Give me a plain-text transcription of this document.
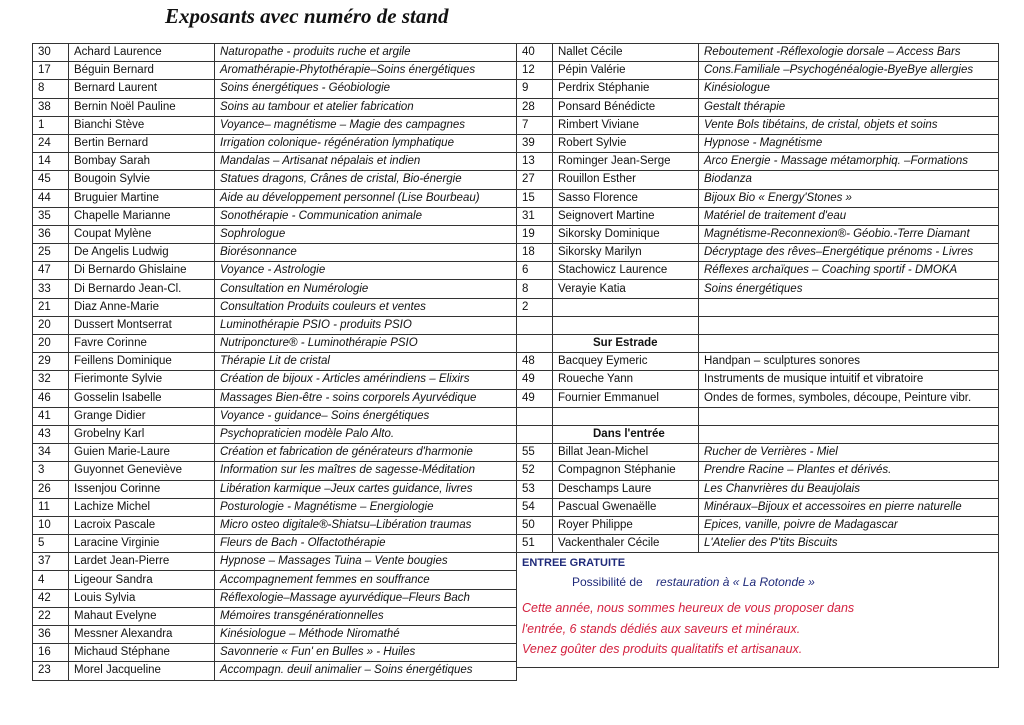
Exposants avec numéro de stand
30	Achard Laurence	Naturopathe - produits ruche et argile
17	Béguin Bernard	Aromathérapie-Phytothérapie–Soins énergétiques
8	Bernard Laurent	Soins énergétiques - Géobiologie
38	Bernin Noël Pauline	Soins au tambour et atelier fabrication
1	Bianchi Stève	Voyance– magnétisme – Magie des campagnes
24	Bertin Bernard	Irrigation colonique- régénération lymphatique
14	Bombay Sarah	Mandalas – Artisanat népalais et indien
45	Bougoin Sylvie	Statues dragons, Crânes de cristal, Bio-énergie
44	Bruguier Martine	Aide au développement personnel (Lise Bourbeau)
35	Chapelle Marianne	Sonothérapie - Communication animale
36	Coupat Mylène	Sophrologue
25	De Angelis Ludwig	Biorésonnance
47	Di Bernardo Ghislaine	Voyance - Astrologie
33	Di Bernardo Jean-Cl.	Consultation en Numérologie
21	Diaz Anne-Marie	Consultation Produits couleurs et ventes
20	Dussert Montserrat	Luminothérapie PSIO - produits PSIO
20	Favre Corinne	Nutriponcture® - Luminothérapie PSIO
29	Feillens Dominique	Thérapie Lit de cristal
32	Fierimonte Sylvie	Création de bijoux - Articles amérindiens – Elixirs
46	Gosselin Isabelle	Massages Bien-être - soins corporels Ayurvédique
41	Grange Didier	Voyance - guidance– Soins énergétiques
43	Grobelny Karl	Psychopraticien modèle Palo Alto.
34	Guien Marie-Laure	Création et fabrication de générateurs d'harmonie
3	Guyonnet Geneviève	Information sur les maîtres de sagesse-Méditation
26	Issenjou Corinne	Libération karmique –Jeux cartes guidance, livres
11	Lachize Michel	Posturologie - Magnétisme – Energiologie
10	Lacroix Pascale	Micro osteo digitale®-Shiatsu–Libération traumas
5	Laracine Virginie	Fleurs de Bach - Olfactothérapie
37	Lardet Jean-Pierre	Hypnose – Massages Tuina – Vente bougies
4	Ligeour Sandra	Accompagnement femmes en souffrance
42	Louis Sylvia	Réflexologie–Massage ayurvédique–Fleurs Bach
22	Mahaut Evelyne	Mémoires transgénérationnelles
36	Messner Alexandra	Kinésiologue – Méthode Niromathé
16	Michaud Stéphane	Savonnerie « Fun' en Bulles » - Huiles
23	Morel Jacqueline	Accompagn. deuil animalier – Soins énergétiques
40	Nallet Cécile	Reboutement -Réflexologie dorsale – Access Bars
12	Pépin Valérie	Cons.Familiale –Psychogénéalogie-ByeBye allergies
9	Perdrix Stéphanie	Kinésiologue
28	Ponsard Bénédicte	Gestalt thérapie
7	Rimbert Viviane	Vente Bols tibétains, de cristal, objets et soins
39	Robert Sylvie	Hypnose - Magnétisme
13	Rominger Jean-Serge	Arco Energie - Massage métamorphiq. –Formations
27	Rouillon Esther	Biodanza
15	Sasso Florence	Bijoux Bio « Energy'Stones »
31	Seignovert Martine	Matériel de traitement d'eau
19	Sikorsky Dominique	Magnétisme-Reconnexion®- Géobio.-Terre Diamant
18	Sikorsky Marilyn	Décryptage des rêves–Energétique prénoms - Livres
6	Stachowicz Laurence	Réflexes archaïques – Coaching sportif - DMOKA
8	Verayie Katia	Soins énergétiques
2		

	Sur Estrade	
48	Bacquey Eymeric	Handpan – sculptures sonores
49	Roueche Yann	Instruments de musique intuitif et vibratoire
49	Fournier Emmanuel	Ondes de formes, symboles, découpe, Peinture vibr.

	Dans l'entrée	
55	Billat Jean-Michel	Rucher de Verrières - Miel
52	Compagnon Stéphanie	Prendre Racine – Plantes et dérivés.
53	Deschamps Laure	Les Chanvrières du Beaujolais
54	Pascual Gwenaëlle	Minéraux–Bijoux et accessoires en pierre naturelle
50	Royer Philippe	Epices, vanille, poivre de Madagascar
51	Vackenthaler Cécile	L'Atelier des P'tits Biscuits

ENTREE GRATUITE
Possibilité de restauration à « La Rotonde »
Cette année, nous sommes heureux de vous proposer dans
l'entrée, 6 stands dédiés aux saveurs et minéraux.
Venez goûter des produits qualitatifs et artisanaux.		
